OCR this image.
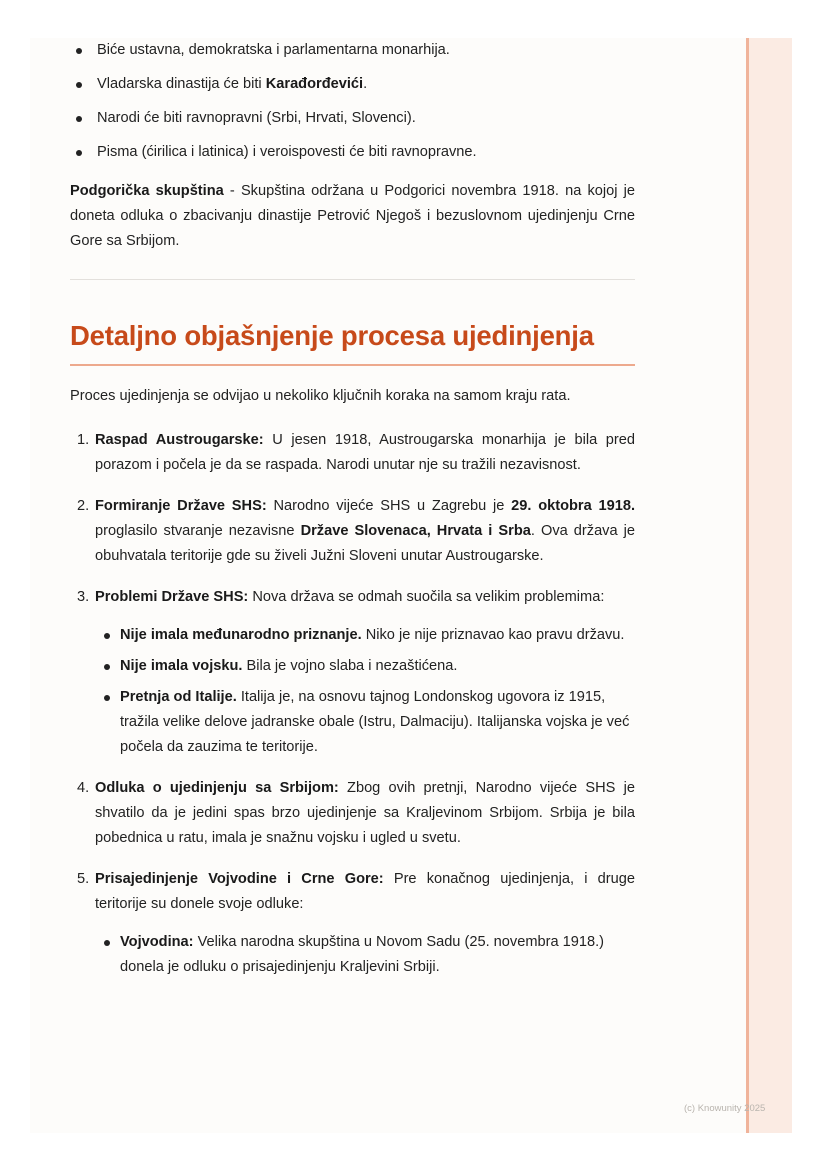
Biće ustavna, demokratska i parlamentarna monarhija.
Vladarska dinastija će biti Karađorđevići.
Narodi će biti ravnopravni (Srbi, Hrvati, Slovenci).
Pisma (ćirilica i latinica) i veroispovesti će biti ravnopravne.

Podgorička skupština - Skupština održana u Podgorici novembra 1918. na kojoj je doneta odluka o zbacivanju dinastije Petrović Njegoš i bezuslovnom ujedinjenju Crne Gore sa Srbijom.

Detaljno objašnjenje procesa ujedinjenja

Proces ujedinjenja se odvijao u nekoliko ključnih koraka na samom kraju rata.

1. Raspad Austrougarske: U jesen 1918, Austrougarska monarhija je bila pred porazom i počela je da se raspada. Narodi unutar nje su tražili nezavisnost.

2. Formiranje Države SHS: Narodno vijeće SHS u Zagrebu je 29. oktobra 1918. proglasilo stvaranje nezavisne Države Slovenaca, Hrvata i Srba. Ova država je obuhvatala teritorije gde su živeli Južni Sloveni unutar Austrougarske.

3. Problemi Države SHS: Nova država se odmah suočila sa velikim problemima:

Nije imala međunarodno priznanje. Niko je nije priznavao kao pravu državu.

Nije imala vojsku. Bila je vojno slaba i nezaštićena.

Pretnja od Italije. Italija je, na osnovu tajnog Londonskog ugovora iz 1915, tražila velike delove jadranske obale (Istru, Dalmaciju). Italijanska vojska je već počela da zauzima te teritorije.

4. Odluka o ujedinjenju sa Srbijom: Zbog ovih pretnji, Narodno vijeće SHS je shvatilo da je jedini spas brzo ujedinjenje sa Kraljevinom Srbijom. Srbija je bila pobednica u ratu, imala je snažnu vojsku i ugled u svetu.

5. Prisajedinjenje Vojvodine i Crne Gore: Pre konačnog ujedinjenja, i druge teritorije su donele svoje odluke:

Vojvodina: Velika narodna skupština u Novom Sadu (25. novembra 1918.) donela je odluku o prisajedinjenju Kraljevini Srbiji.

(c) Knowunity 2025
